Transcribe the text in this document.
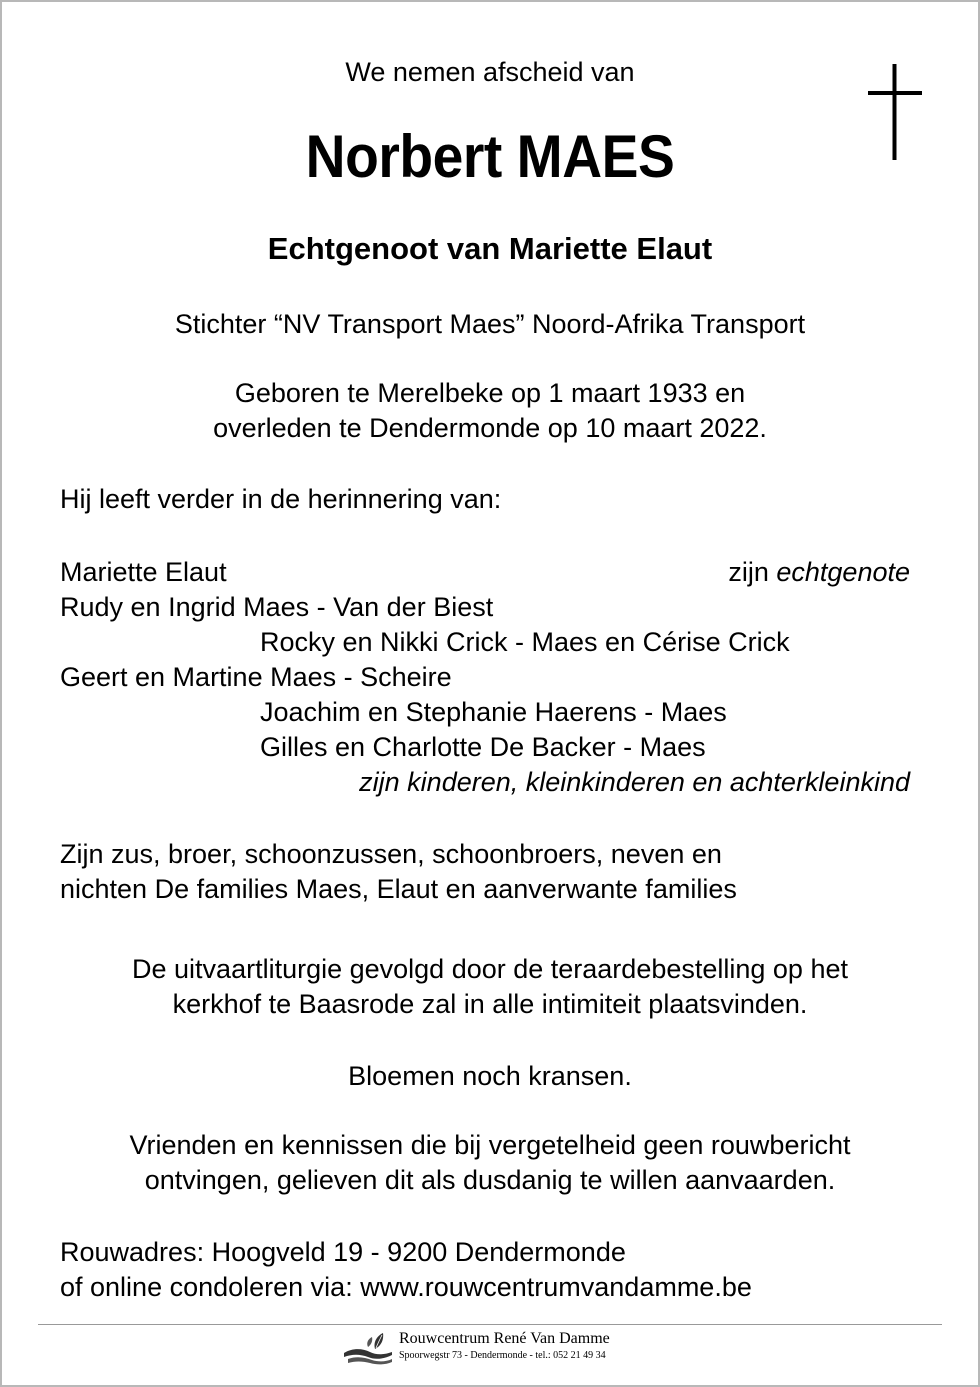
We nemen afscheid van
Norbert MAES
Echtgenoot van Mariette Elaut
Stichter “NV Transport Maes” Noord-Afrika Transport
Geboren te Merelbeke op 1 maart 1933 en
overleden te Dendermonde op 10 maart 2022.
Hij leeft verder in de herinnering van:
zijn echtgenote
Mariette Elaut
Rudy en Ingrid Maes - Van der Biest
Rocky en Nikki Crick - Maes en Cérise Crick
Geert en Martine Maes - Scheire
Joachim en Stephanie Haerens - Maes
Gilles en Charlotte De Backer - Maes
zijn kinderen, kleinkinderen en achterkleinkind
Zijn zus, broer, schoonzussen, schoonbroers, neven en
nichten De families Maes, Elaut en aanverwante families
De uitvaartliturgie gevolgd door de teraardebestelling op het
kerkhof te Baasrode zal in alle intimiteit plaatsvinden.
Bloemen noch kransen.
Vrienden en kennissen die bij vergetelheid geen rouwbericht
ontvingen, gelieven dit als dusdanig te willen aanvaarden.
Rouwadres: Hoogveld 19 - 9200 Dendermonde
of online condoleren via: www.rouwcentrumvandamme.be
Rouwcentrum René Van Damme
Spoorwegstr 73 - Dendermonde - tel.: 052 21 49 34
